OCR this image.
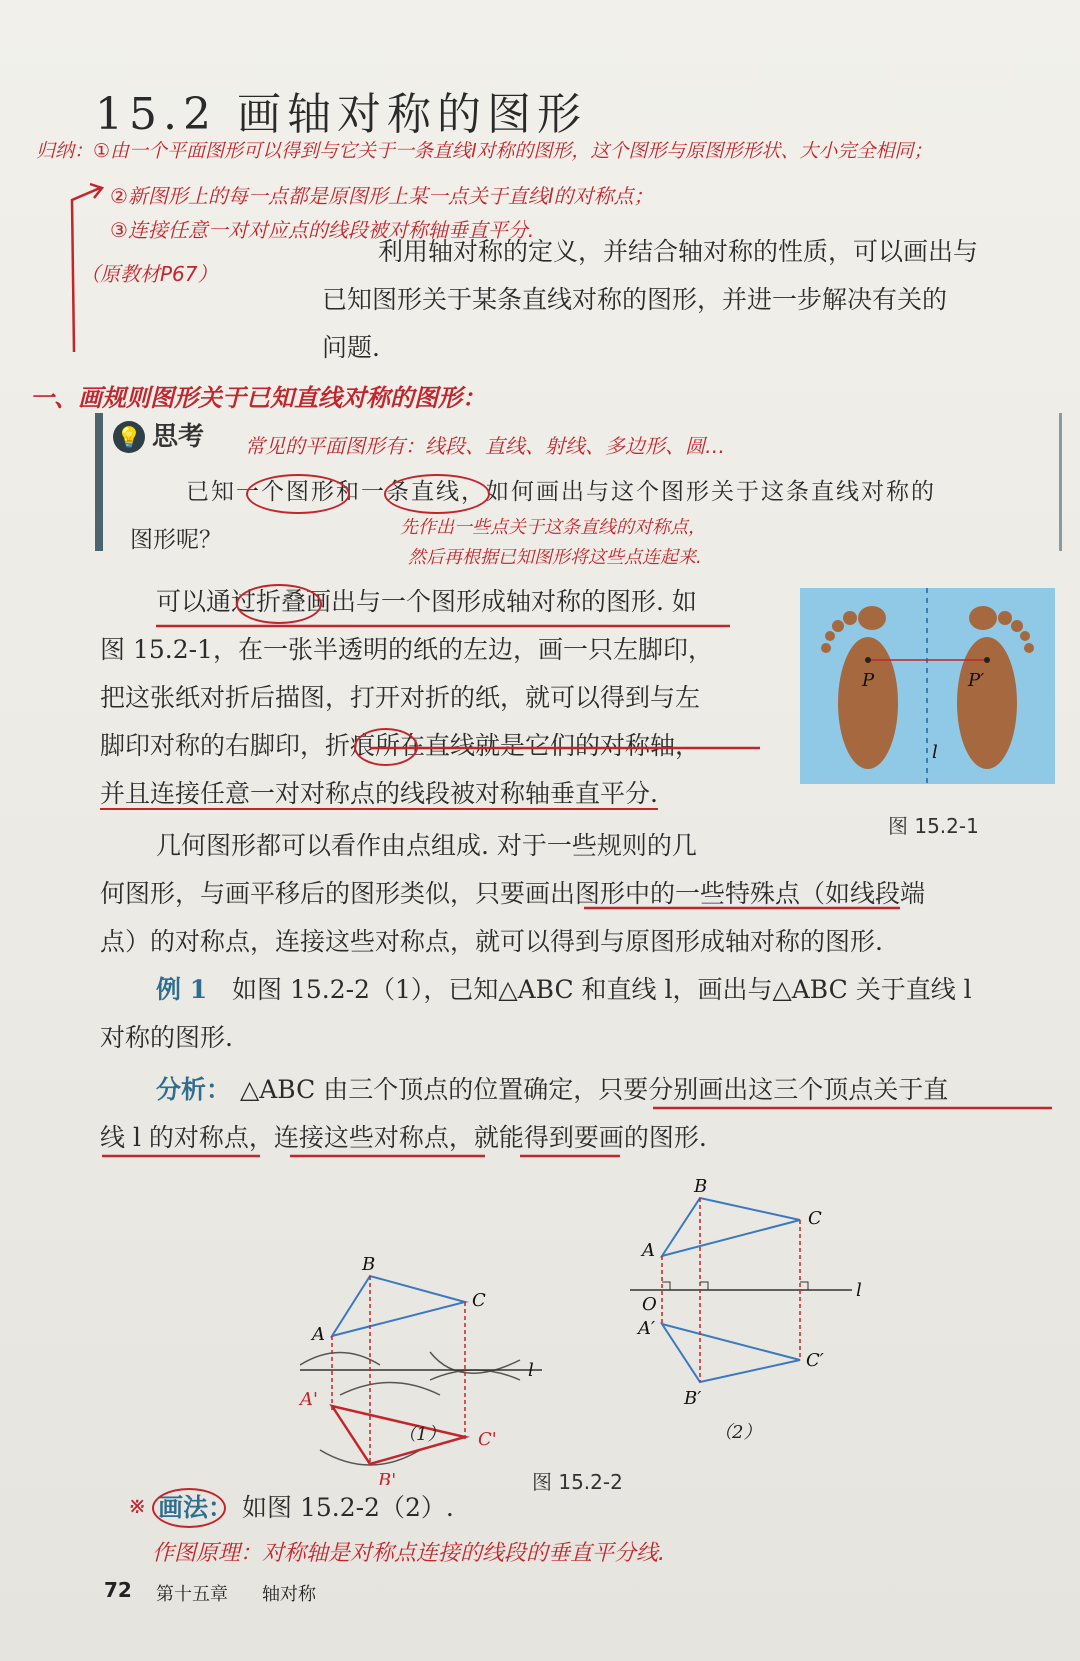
15.2 画轴对称的图形
归纳：①由一个平面图形可以得到与它关于一条直线l对称的图形，这个图形与原图形形状、大小完全相同；
②新图形上的每一点都是原图形上某一点关于直线l的对称点；
③连接任意一对对应点的线段被对称轴垂直平分.
（原教材P67）
利用轴对称的定义，并结合轴对称的性质，可以画出与
已知图形关于某条直线对称的图形，并进一步解决有关的
问题.
一、画规则图形关于已知直线对称的图形：
💡 思考 常见的平面图形有：线段、直线、射线、多边形、圆…
已知一个图形和一条直线，如何画出与这个图形关于这条直线对称的
图形呢？	先作出一些点关于这条直线的对称点，
然后再根据已知图形将这些点连起来.
可以通过折叠画出与一个图形成轴对称的图形. 如
图 15.2-1，在一张半透明的纸的左边，画一只左脚印，
把这张纸对折后描图，打开对折的纸，就可以得到与左
脚印对称的右脚印，折痕所在直线就是它们的对称轴，
并且连接任意一对对称点的线段被对称轴垂直平分.
P	P′
l
图 15.2-1
几何图形都可以看作由点组成. 对于一些规则的几
何图形，与画平移后的图形类似，只要画出图形中的一些特殊点（如线段端
点）的对称点，连接这些对称点，就可以得到与原图形成轴对称的图形.
例 1 如图 15.2-2（1），已知△ABC 和直线 l，画出与△ABC 关于直线 l
对称的图形.
分析： △ABC 由三个顶点的位置确定，只要分别画出这三个顶点关于直
线 l 的对称点，连接这些对称点，就能得到要画的图形.
B
A
C
l
A'
B'
C'
（1）
B
A
C
l
O
A′
C′
B′
（2）
图 15.2-2
※ 画法： 如图 15.2-2（2）.
作图原理：对称轴是对称点连接的线段的垂直平分线.
72 第十五章 轴对称
